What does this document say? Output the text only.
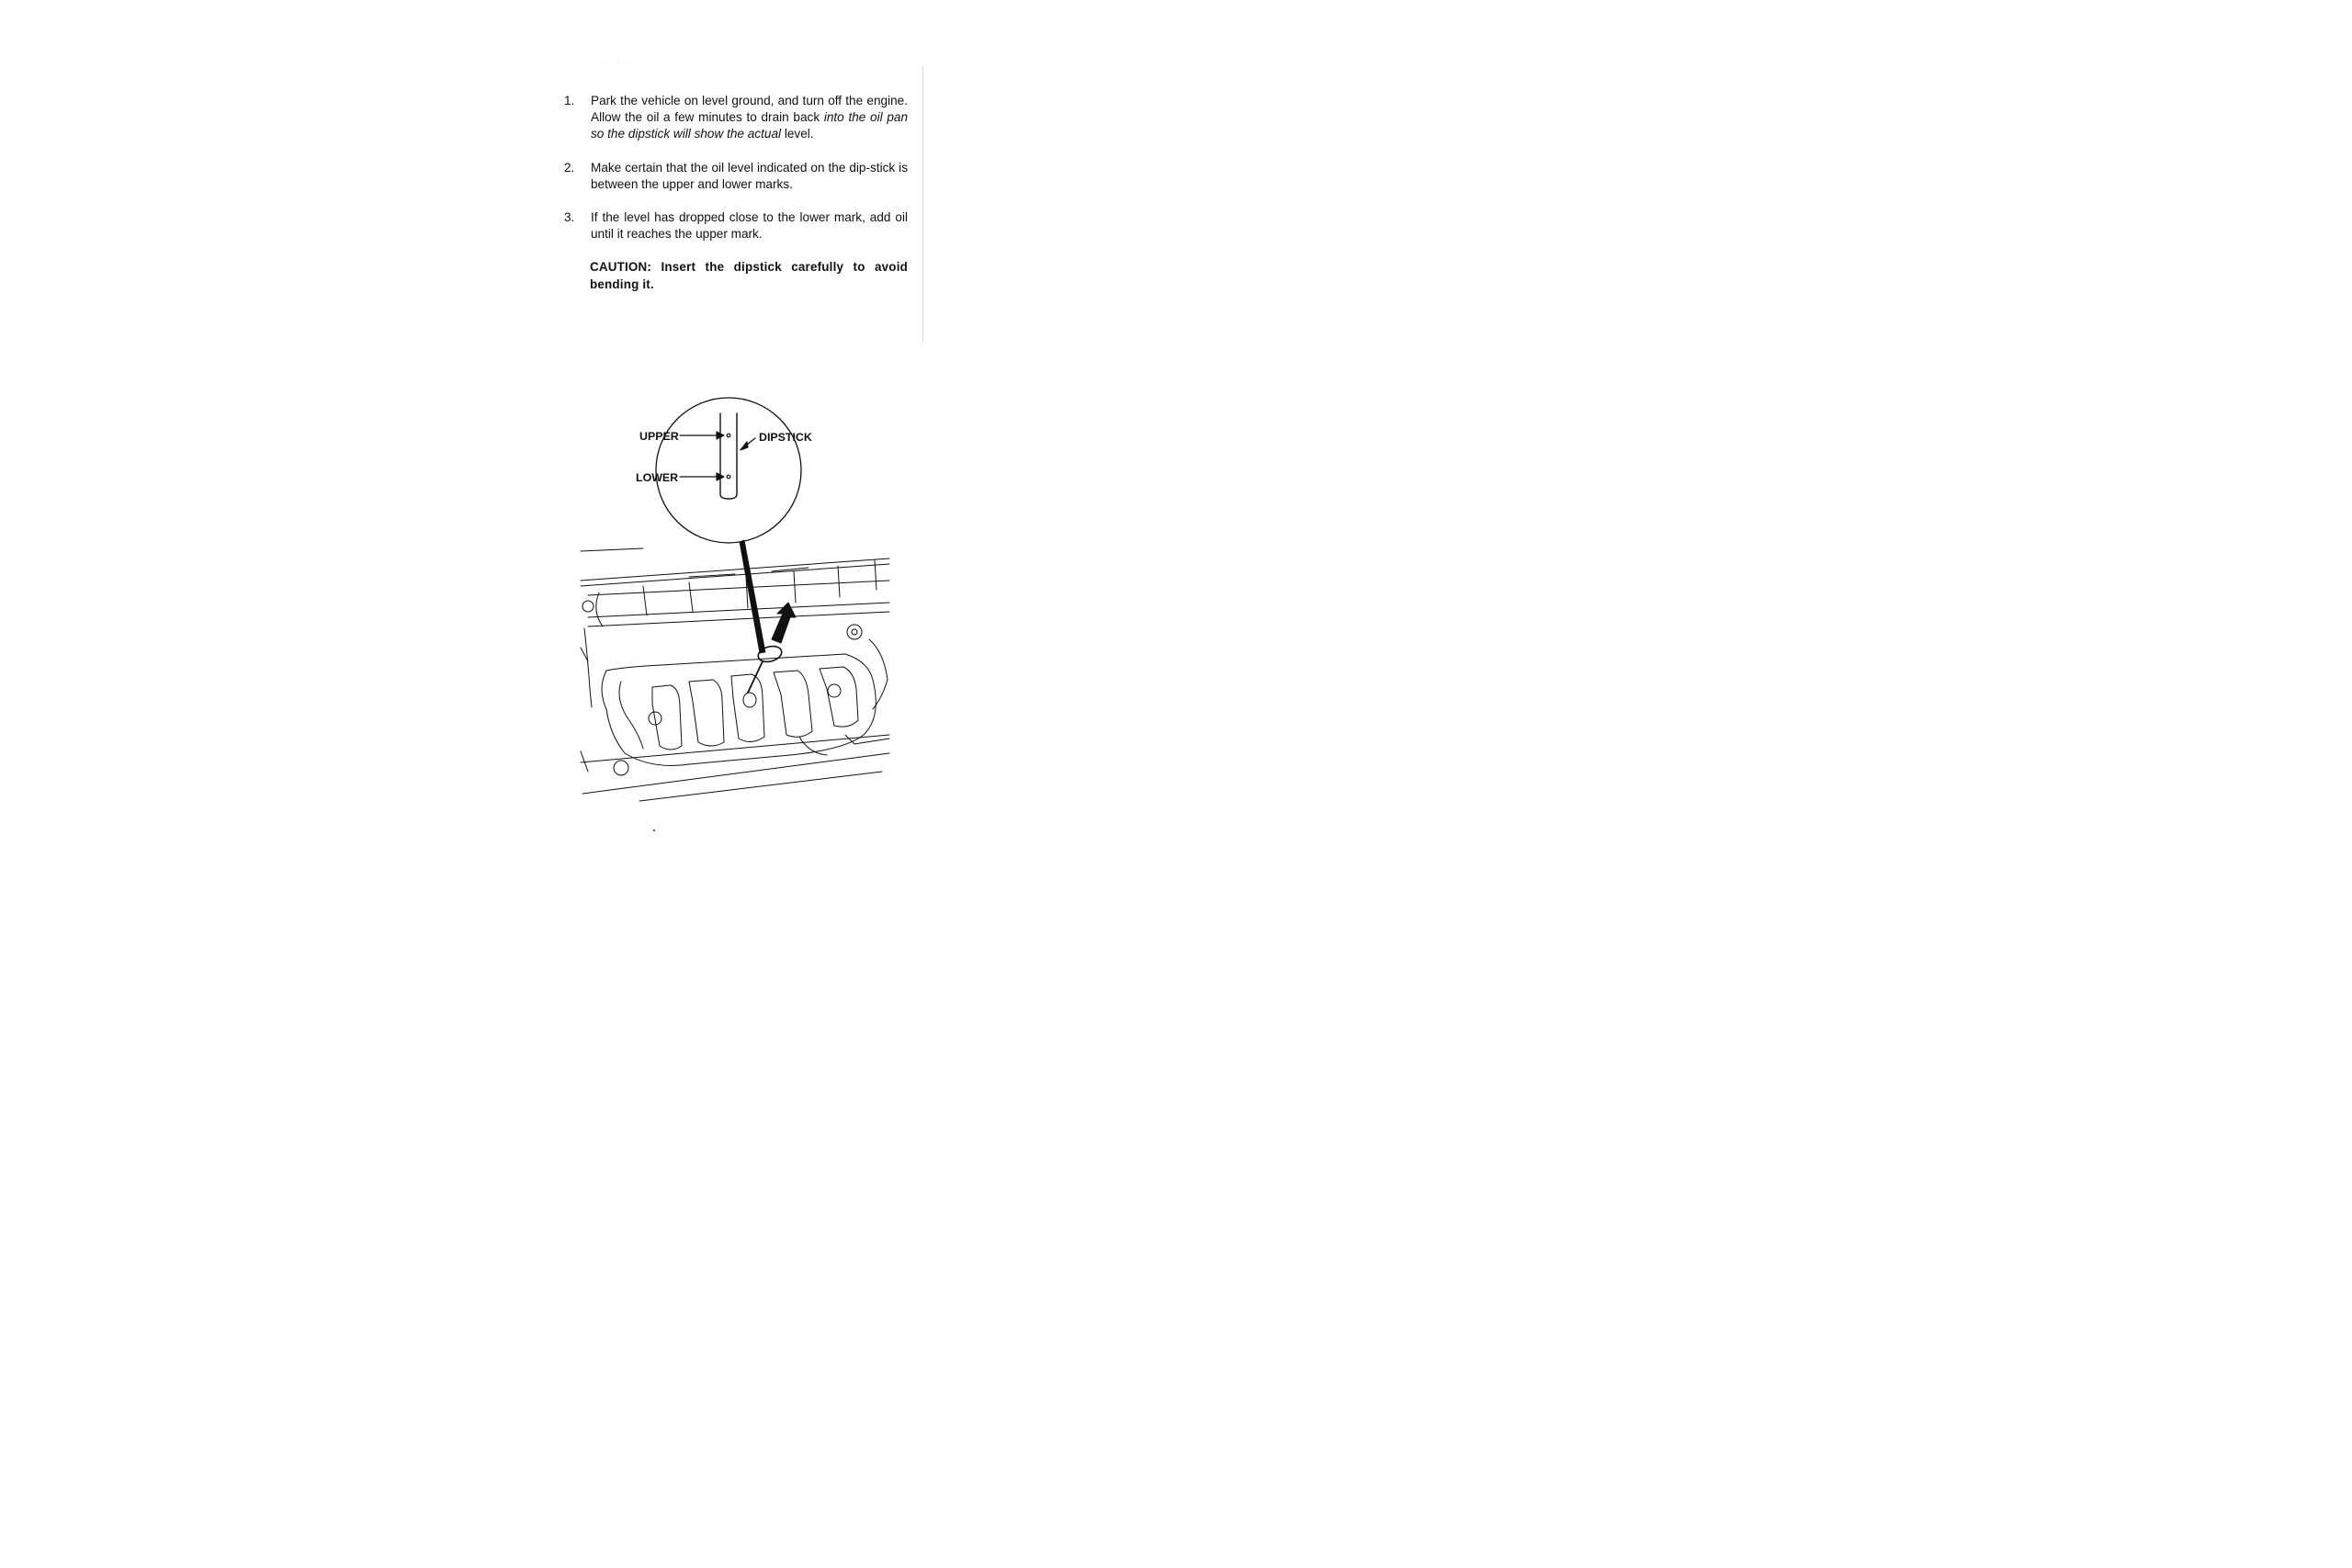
· · · · ·
1. Park the vehicle on level ground, and turn off the engine. Allow the oil a few minutes to drain back into the oil pan so the dipstick will show the actual level.
2. Make certain that the oil level indicated on the dip-stick is between the upper and lower marks.
3. If the level has dropped close to the lower mark, add oil until it reaches the upper mark.
CAUTION: Insert the dipstick carefully to avoid bending it.
UPPER
LOWER
DIPSTICK
